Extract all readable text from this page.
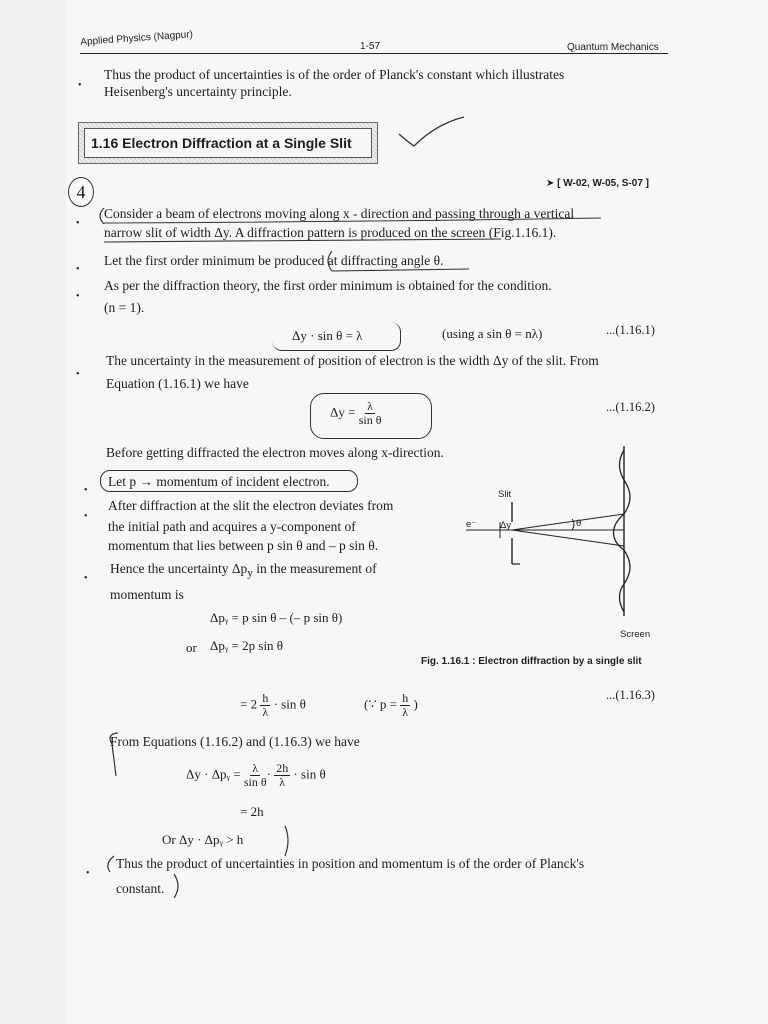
Applied Physics (Nagpur)	1-57	Quantum Mechanics
•
Thus the product of uncertainties is of the order of Planck's constant which illustrates
Heisenberg's uncertainty principle.
1.16 Electron Diffraction at a Single Slit
➤ [ W-02, W-05, S-07 ]
4
•
Consider a beam of electrons moving along x - direction and passing through a vertical
narrow slit of width Δy. A diffraction pattern is produced on the screen (Fig.1.16.1).
•
Let the first order minimum be produced at diffracting angle θ.
•
As per the diffraction theory, the first order minimum is obtained for the condition.
(n = 1).
Δy · sin θ = λ	(using a sin θ = nλ)	...(1.16.1)
•
The uncertainty in the measurement of position of electron is the width Δy of the slit. From
Equation (1.16.1) we have
$\Delta y = \frac{\lambda}{\text{sin θ}}$	...(1.16.2)
Before getting diffracted the electron moves along x-direction.
•
Let p → momentum of incident electron.
•
After diffraction at the slit the electron deviates from
the initial path and acquires a y-component of
momentum that lies between p sin θ and – p sin θ.
•
Hence the uncertainty $\Delta p_y$ in the measurement of
momentum is
Δpᵧ = p sin θ – (– p sin θ)
or Δpᵧ = 2p sin θ
= $2 \frac{h}{\lambda} \cdot \sin \theta$	(∵ $p = \frac{h}{\lambda}$ )
...(1.16.3)
From Equations (1.16.2) and (1.16.3) we have
Δy · Δpᵧ = $\frac{\lambda}{\text{sin θ}} \cdot \frac{2h}{\lambda} \cdot \sin \theta$
= 2h
Or Δy · Δpᵧ > h
•
Thus the product of uncertainties in position and momentum is of the order of Planck's
constant.
Slit
e⁻ Δy	θ
Screen
Fig. 1.16.1 : Electron diffraction by a single slit
